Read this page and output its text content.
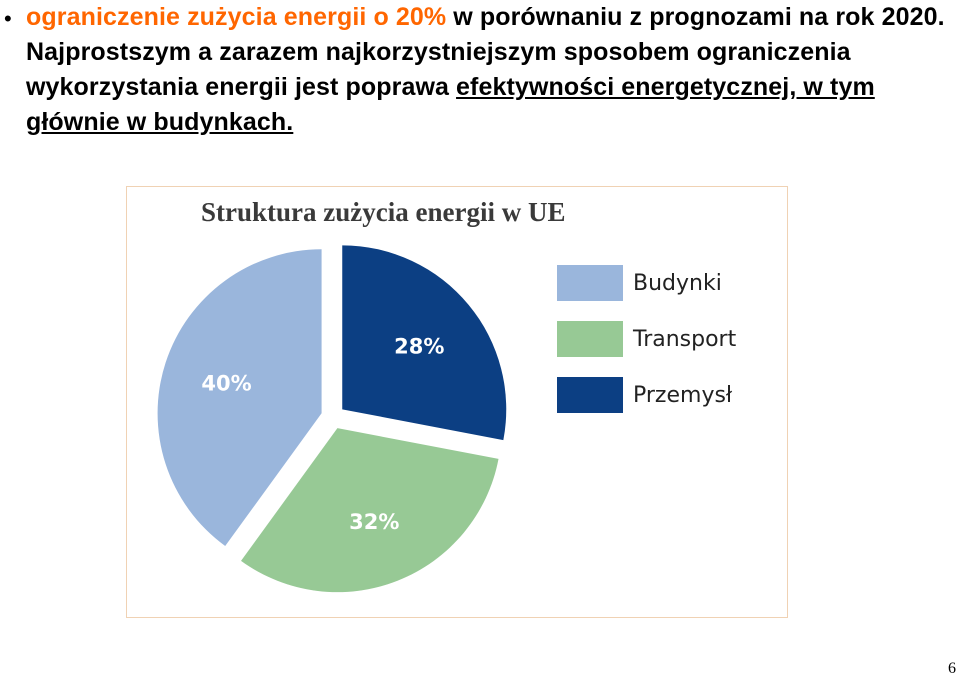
• ograniczenie zużycia energii o 20% w porównaniu z prognozami na rok 2020. Najprostszym a zarazem najkorzystniejszym sposobem ograniczenia wykorzystania energii jest poprawa efektywności energetycznej, w tym głównie w budynkach.
Struktura zużycia energii w UE
28%
32%
40%
Budynki
Transport
Przemysł
6
